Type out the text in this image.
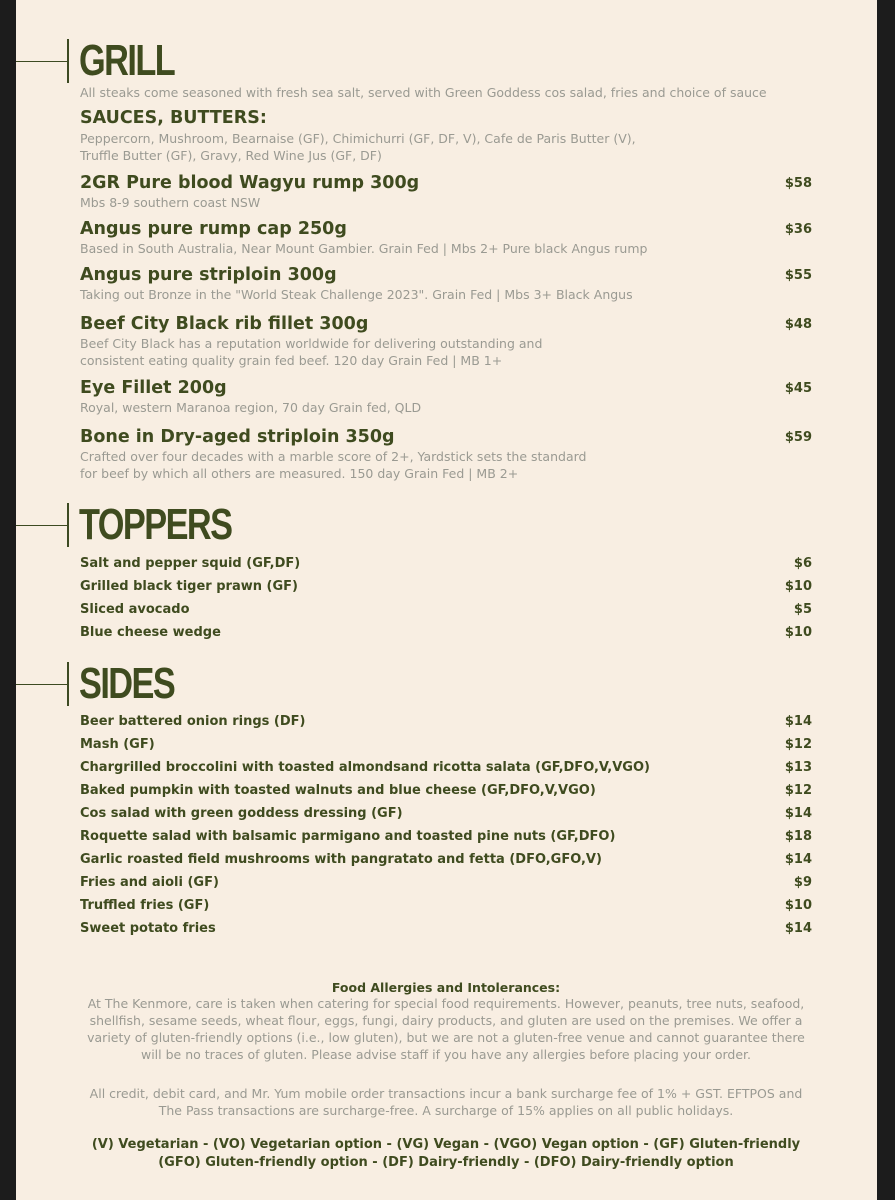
GRILL
All steaks come seasoned with fresh sea salt, served with Green Goddess cos salad, fries and choice of sauce
SAUCES, BUTTERS:
Peppercorn, Mushroom, Bearnaise (GF), Chimichurri (GF, DF, V), Cafe de Paris Butter (V),
Truffle Butter (GF), Gravy, Red Wine Jus (GF, DF)
2GR Pure blood Wagyu rump 300g
Mbs 8-9 southern coast NSW
$58
Angus pure rump cap 250g
Based in South Australia, Near Mount Gambier. Grain Fed | Mbs 2+ Pure black Angus rump
$36
Angus pure striploin 300g
Taking out Bronze in the "World Steak Challenge 2023". Grain Fed | Mbs 3+ Black Angus
$55
Beef City Black rib fillet 300g
Beef City Black has a reputation worldwide for delivering outstanding and
consistent eating quality grain fed beef. 120 day Grain Fed | MB 1+
$48
Eye Fillet 200g
Royal, western Maranoa region, 70 day Grain fed, QLD
$45
Bone in Dry-aged striploin 350g
Crafted over four decades with a marble score of 2+, Yardstick sets the standard
for beef by which all others are measured. 150 day Grain Fed | MB 2+
$59
TOPPERS
Salt and pepper squid (GF,DF)	$6
Grilled black tiger prawn (GF)	$10
Sliced avocado	$5
Blue cheese wedge	$10
SIDES
Beer battered onion rings (DF)	$14
Mash (GF)	$12
Chargrilled broccolini with toasted almondsand ricotta salata (GF,DFO,V,VGO)	$13
Baked pumpkin with toasted walnuts and blue cheese (GF,DFO,V,VGO)	$12
Cos salad with green goddess dressing (GF)	$14
Roquette salad with balsamic parmigano and toasted pine nuts (GF,DFO)	$18
Garlic roasted field mushrooms with pangratato and fetta (DFO,GFO,V)	$14
Fries and aioli (GF)	$9
Truffled fries (GF)	$10
Sweet potato fries	$14
Food Allergies and Intolerances:
At The Kenmore, care is taken when catering for special food requirements. However, peanuts, tree nuts, seafood, shellfish, sesame seeds, wheat flour, eggs, fungi, dairy products, and gluten are used on the premises. We offer a variety of gluten-friendly options (i.e., low gluten), but we are not a gluten-free venue and cannot guarantee there will be no traces of gluten. Please advise staff if you have any allergies before placing your order.
All credit, debit card, and Mr. Yum mobile order transactions incur a bank surcharge fee of 1% + GST. EFTPOS and The Pass transactions are surcharge-free. A surcharge of 15% applies on all public holidays.
(V) Vegetarian - (VO) Vegetarian option - (VG) Vegan - (VGO) Vegan option - (GF) Gluten-friendly
(GFO) Gluten-friendly option - (DF) Dairy-friendly - (DFO) Dairy-friendly option
